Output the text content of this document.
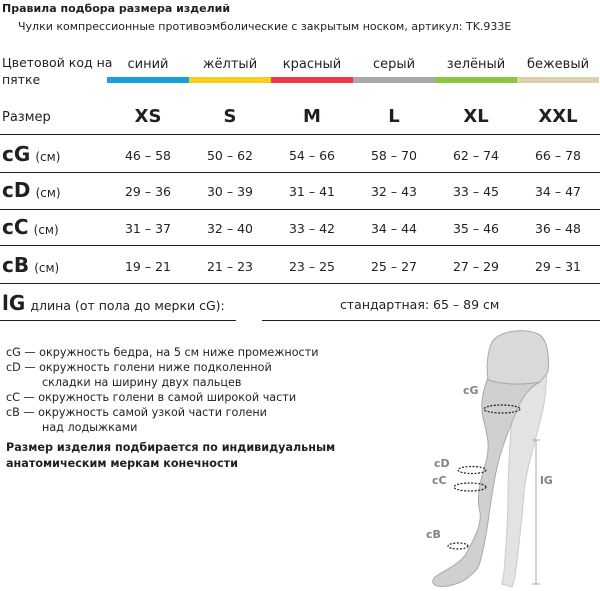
Правила подбора размера изделий
Чулки компрессионные противоэмболические с закрытым носком, артикул: TK.933E
Цветовой код на пятке
синий	жёлтый	красный	серый	зелёный	бежевый
Размер	XS	S	M	L	XL	XXL
cG (см)	46 – 58	50 – 62	54 – 66	58 – 70	62 – 74	66 – 78
cD (см)	29 – 36	30 – 39	31 – 41	32 – 43	33 – 45	34 – 47
cC (см)	31 – 37	32 – 40	33 – 42	34 – 44	35 – 46	36 – 48
cB (см)	19 – 21	21 – 23	23 – 25	25 – 27	27 – 29	29 – 31
lG длина (от пола до мерки cG):	стандартная: 65 – 89 см
cG — окружность бедра, на 5 см ниже промежности
cD — окружность голени ниже подколенной
складки на ширину двух пальцев
cC — окружность голени в самой широкой части
cB — окружность самой узкой части голени
над лодыжками
Размер изделия подбирается по индивидуальным
анатомическим меркам конечности
cG
cD
cC
cB
lG
